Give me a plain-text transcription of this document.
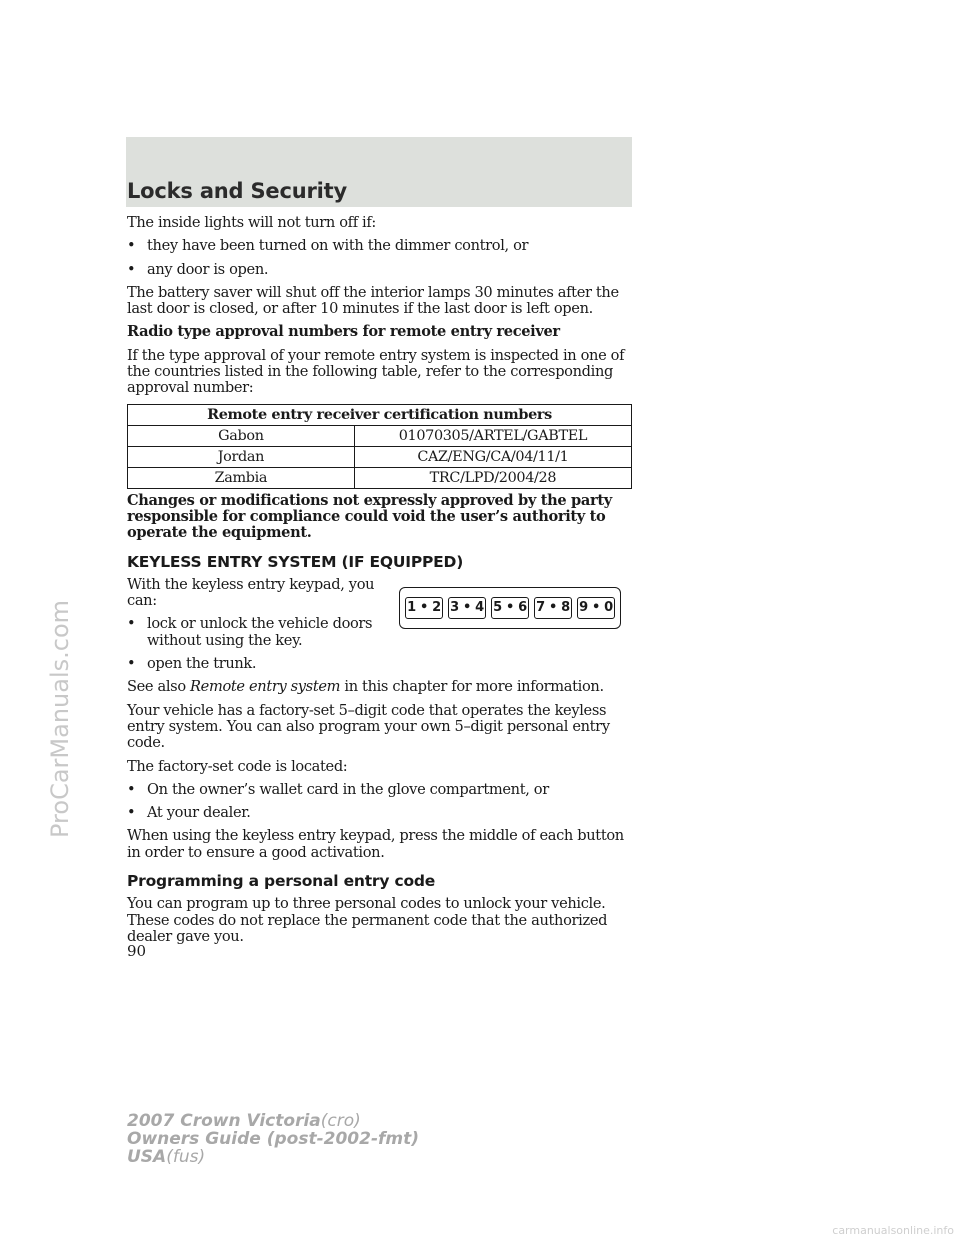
Locks and Security

The inside lights will not turn off if:

• they have been turned on with the dimmer control, or
• any door is open.

The battery saver will shut off the interior lamps 30 minutes after the last door is closed, or after 10 minutes if the last door is left open.

Radio type approval numbers for remote entry receiver

If the type approval of your remote entry system is inspected in one of the countries listed in the following table, refer to the corresponding approval number:

Remote entry receiver certification numbers	
Gabon	01070305/ARTEL/GABTEL
Jordan	CAZ/ENG/CA/04/11/1
Zambia	TRC/LPD/2004/28

Changes or modifications not expressly approved by the party responsible for compliance could void the user’s authority to operate the equipment.

KEYLESS ENTRY SYSTEM (IF EQUIPPED)

With the keyless entry keypad, you can:

• lock or unlock the vehicle doors without using the key.
1 • 2 3 • 4 5 • 6 7 • 8 9 • 0
• open the trunk.

See also Remote entry system in this chapter for more information.

Your vehicle has a factory-set 5–digit code that operates the keyless entry system. You can also program your own 5–digit personal entry code.

The factory-set code is located:

• On the owner’s wallet card in the glove compartment, or
• At your dealer.

When using the keyless entry keypad, press the middle of each button in order to ensure a good activation.

Programming a personal entry code

You can program up to three personal codes to unlock your vehicle. These codes do not replace the permanent code that the authorized dealer gave you.

90
2007 Crown Victoria(cro)
Owners Guide (post-2002-fmt)
USA(fus)
ProCarManuals.com
carmanualsonline.info
